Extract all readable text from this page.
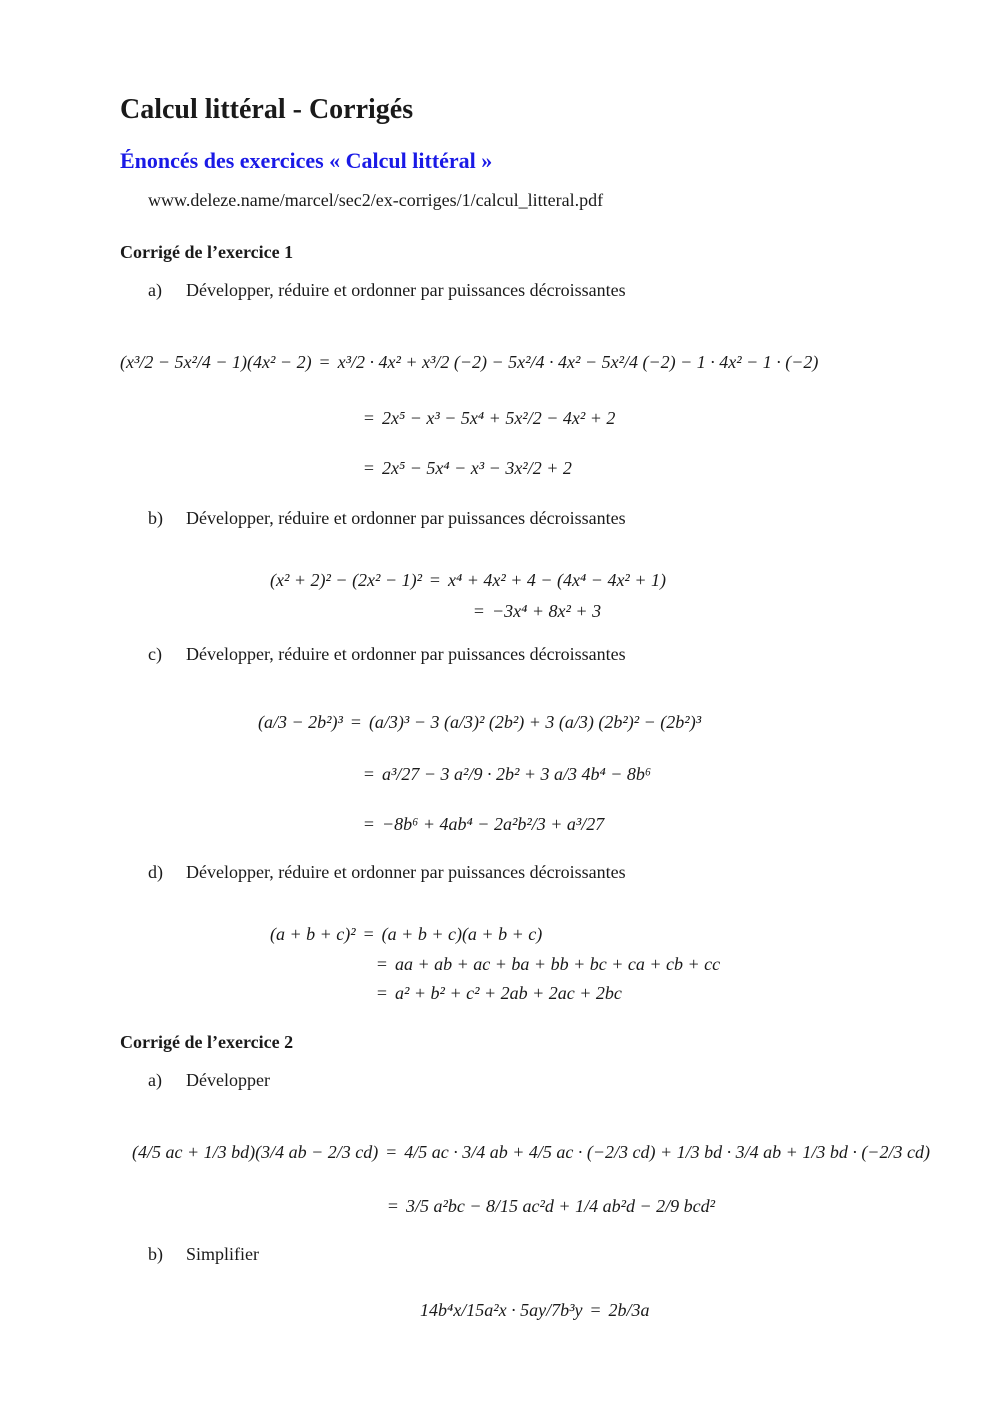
Calcul littéral - Corrigés
Énoncés des exercices « Calcul littéral »
www.deleze.name/marcel/sec2/ex-corriges/1/calcul_litteral.pdf
Corrigé de l’exercice 1
a) Développer, réduire et ordonner par puissances décroissantes
(x³/2 − 5x²/4 − 1)(4x² − 2) = x³/2 · 4x² + x³/2 (−2) − 5x²/4 · 4x² − 5x²/4 (−2) − 1 · 4x² − 1 · (−2)
= 2x⁵ − x³ − 5x⁴ + 5x²/2 − 4x² + 2
= 2x⁵ − 5x⁴ − x³ − 3x²/2 + 2
b) Développer, réduire et ordonner par puissances décroissantes
(x² + 2)² − (2x² − 1)² = x⁴ + 4x² + 4 − (4x⁴ − 4x² + 1)
= −3x⁴ + 8x² + 3
c) Développer, réduire et ordonner par puissances décroissantes
(a/3 − 2b²)³ = (a/3)³ − 3 (a/3)² (2b²) + 3 (a/3) (2b²)² − (2b²)³
= a³/27 − 3 a²/9 · 2b² + 3 a/3 4b⁴ − 8b⁶
= −8b⁶ + 4ab⁴ − 2a²b²/3 + a³/27
d) Développer, réduire et ordonner par puissances décroissantes
(a + b + c)² = (a + b + c)(a + b + c)
= aa + ab + ac + ba + bb + bc + ca + cb + cc
= a² + b² + c² + 2ab + 2ac + 2bc
Corrigé de l’exercice 2
a) Développer
(4/5 ac + 1/3 bd)(3/4 ab − 2/3 cd) = 4/5 ac · 3/4 ab + 4/5 ac · (−2/3 cd) + 1/3 bd · 3/4 ab + 1/3 bd · (−2/3 cd)
= 3/5 a²bc − 8/15 ac²d + 1/4 ab²d − 2/9 bcd²
b) Simplifier
14b⁴x/15a²x · 5ay/7b³y = 2b/3a
